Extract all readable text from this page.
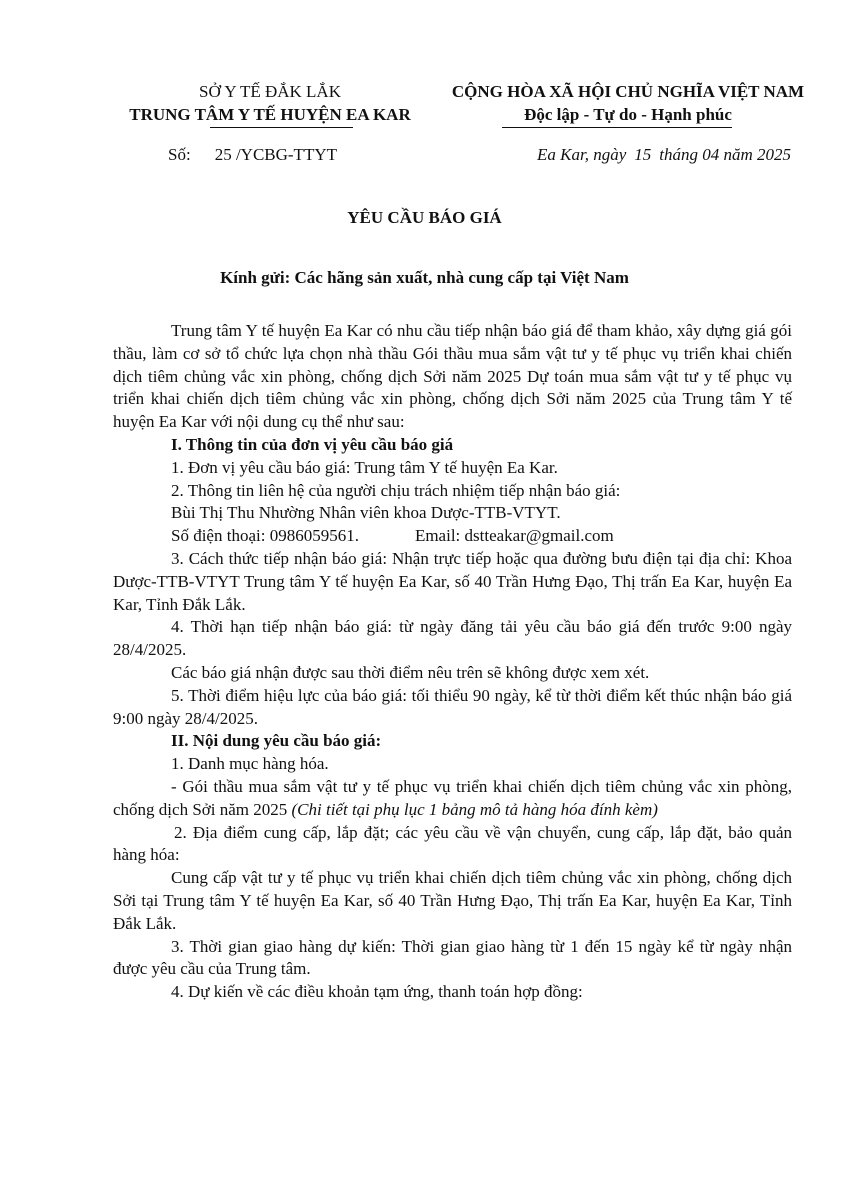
SỞ Y TẾ ĐẮK LẮK
TRUNG TÂM Y TẾ HUYỆN EA KAR
CỘNG HÒA XÃ HỘI CHỦ NGHĨA VIỆT NAM
Độc lập - Tự do - Hạnh phúc
Số: 25 /YCBG-TTYT	Ea Kar, ngày 15 tháng 04 năm 2025
YÊU CẦU BÁO GIÁ
Kính gửi: Các hãng sản xuất, nhà cung cấp tại Việt Nam

Trung tâm Y tế huyện Ea Kar có nhu cầu tiếp nhận báo giá để tham khảo, xây dựng giá gói thầu, làm cơ sở tổ chức lựa chọn nhà thầu Gói thầu mua sắm vật tư y tế phục vụ triển khai chiến dịch tiêm chủng vắc xin phòng, chống dịch Sởi năm 2025 Dự toán mua sắm vật tư y tế phục vụ triển khai chiến dịch tiêm chủng vắc xin phòng, chống dịch Sởi năm 2025 của Trung tâm Y tế huyện Ea Kar với nội dung cụ thể như sau:

I. Thông tin của đơn vị yêu cầu báo giá

1. Đơn vị yêu cầu báo giá: Trung tâm Y tế huyện Ea Kar.

2. Thông tin liên hệ của người chịu trách nhiệm tiếp nhận báo giá:

Bùi Thị Thu Nhường Nhân viên khoa Dược-TTB-VTYT.

Số điện thoại: 0986059561.	Email: dstteakar@gmail.com

3. Cách thức tiếp nhận báo giá: Nhận trực tiếp hoặc qua đường bưu điện tại địa chỉ: Khoa Dược-TTB-VTYT Trung tâm Y tế huyện Ea Kar, số 40 Trần Hưng Đạo, Thị trấn Ea Kar, huyện Ea Kar, Tỉnh Đắk Lắk.

4. Thời hạn tiếp nhận báo giá: từ ngày đăng tải yêu cầu báo giá đến trước 9:00 ngày 28/4/2025.

Các báo giá nhận được sau thời điểm nêu trên sẽ không được xem xét.

5. Thời điểm hiệu lực của báo giá: tối thiểu 90 ngày, kể từ thời điểm kết thúc nhận báo giá 9:00 ngày 28/4/2025.

II. Nội dung yêu cầu báo giá:

1. Danh mục hàng hóa.

- Gói thầu mua sắm vật tư y tế phục vụ triển khai chiến dịch tiêm chủng vắc xin phòng, chống dịch Sởi năm 2025 (Chi tiết tại phụ lục 1 bảng mô tả hàng hóa đính kèm)

2. Địa điểm cung cấp, lắp đặt; các yêu cầu về vận chuyển, cung cấp, lắp đặt, bảo quản hàng hóa:

Cung cấp vật tư y tế phục vụ triển khai chiến dịch tiêm chủng vắc xin phòng, chống dịch Sởi tại Trung tâm Y tế huyện Ea Kar, số 40 Trần Hưng Đạo, Thị trấn Ea Kar, huyện Ea Kar, Tỉnh Đắk Lắk.

3. Thời gian giao hàng dự kiến: Thời gian giao hàng từ 1 đến 15 ngày kể từ ngày nhận được yêu cầu của Trung tâm.

4. Dự kiến về các điều khoản tạm ứng, thanh toán hợp đồng:
